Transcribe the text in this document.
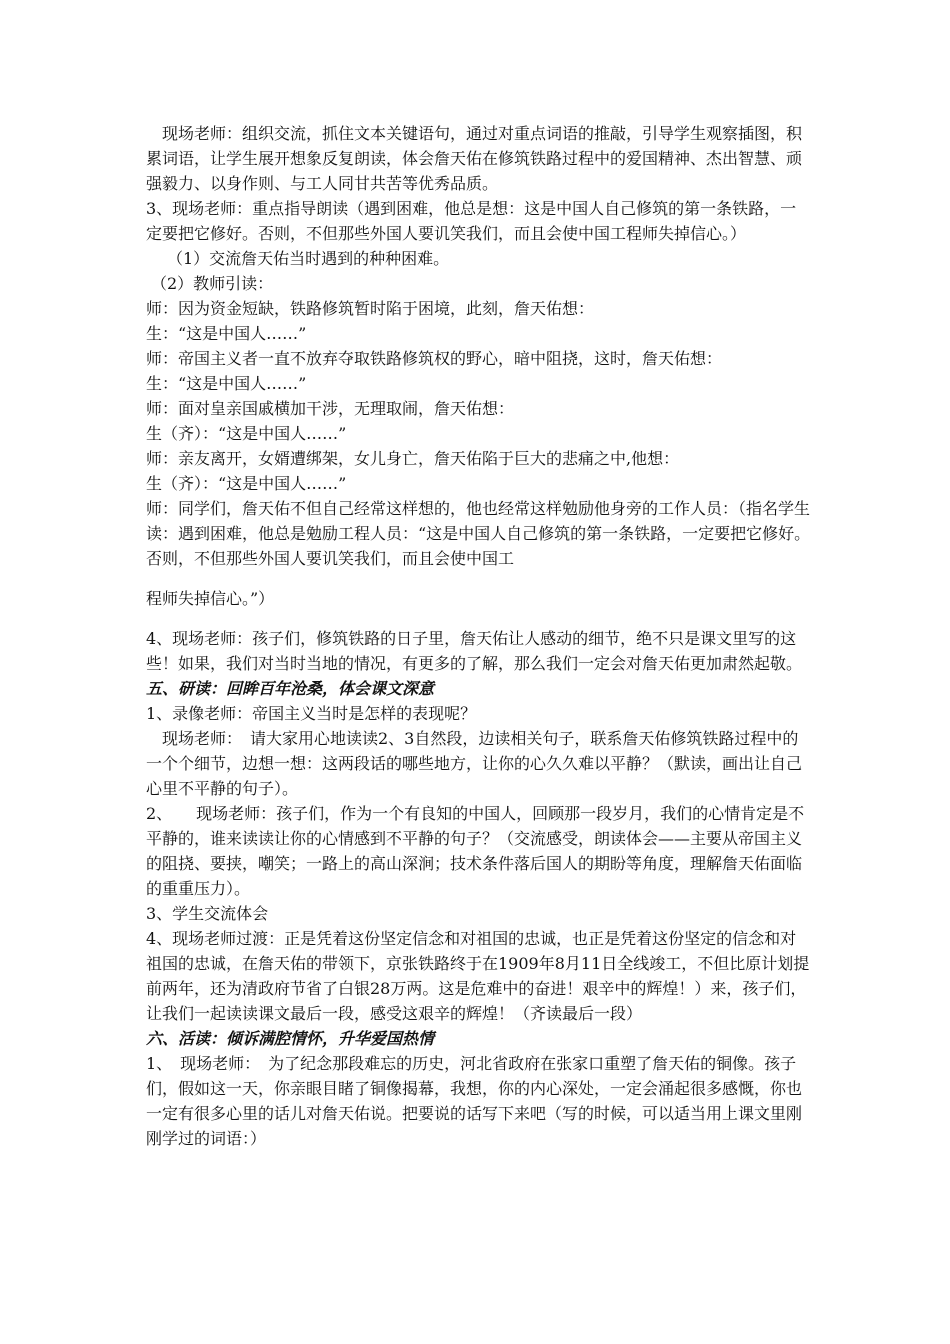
现场老师：组织交流，抓住文本关键语句，通过对重点词语的推敲，引导学生观察插图，积累词语，让学生展开想象反复朗读，体会詹天佑在修筑铁路过程中的爱国精神、杰出智慧、顽强毅力、以身作则、与工人同甘共苦等优秀品质。

3、现场老师：重点指导朗读（遇到困难，他总是想：这是中国人自己修筑的第一条铁路，一定要把它修好。否则，不但那些外国人要讥笑我们，而且会使中国工程师失掉信心。）

（1）交流詹天佑当时遇到的种种困难。

（2）教师引读：

师：因为资金短缺，铁路修筑暂时陷于困境，此刻，詹天佑想：

生：“这是中国人……”

师：帝国主义者一直不放弃夺取铁路修筑权的野心，暗中阻挠，这时，詹天佑想：

生：“这是中国人……”

师：面对皇亲国戚横加干涉，无理取闹，詹天佑想：

生（齐）：“这是中国人……”

师：亲友离开，女婿遭绑架，女儿身亡，詹天佑陷于巨大的悲痛之中,他想：

生（齐）：“这是中国人……”

师：同学们，詹天佑不但自己经常这样想的，他也经常这样勉励他身旁的工作人员：（指名学生读：遇到困难，他总是勉励工程人员：“这是中国人自己修筑的第一条铁路，一定要把它修好。否则，不但那些外国人要讥笑我们，而且会使中国工

程师失掉信心。”）

4、现场老师：孩子们，修筑铁路的日子里，詹天佑让人感动的细节，绝不只是课文里写的这些！如果，我们对当时当地的情况，有更多的了解，那么我们一定会对詹天佑更加肃然起敬。

五、研读：回眸百年沧桑，体会课文深意

1、录像老师：帝国主义当时是怎样的表现呢？

现场老师：　请大家用心地读读2、3自然段，边读相关句子，联系詹天佑修筑铁路过程中的一个个细节，边想一想：这两段话的哪些地方，让你的心久久难以平静？（默读，画出让自己心里不平静的句子）。

2、　　现场老师：孩子们，作为一个有良知的中国人，回顾那一段岁月，我们的心情肯定是不平静的，谁来读读让你的心情感到不平静的句子？（交流感受，朗读体会——主要从帝国主义的阻挠、要挟，嘲笑；一路上的高山深涧；技术条件落后国人的期盼等角度，理解詹天佑面临的重重压力）。

3、学生交流体会

4、现场老师过渡：正是凭着这份坚定信念和对祖国的忠诚，也正是凭着这份坚定的信念和对祖国的忠诚，在詹天佑的带领下，京张铁路终于在1909年8月11日全线竣工，不但比原计划提前两年，还为清政府节省了白银28万两。这是危难中的奋进！艰辛中的辉煌！）来，孩子们，让我们一起读读课文最后一段，感受这艰辛的辉煌！（齐读最后一段）

六、活读：倾诉满腔情怀，升华爱国热情

1、　现场老师：　为了纪念那段难忘的历史，河北省政府在张家口重塑了詹天佑的铜像。孩子们，假如这一天，你亲眼目睹了铜像揭幕，我想，你的内心深处，一定会涌起很多感慨，你也一定有很多心里的话儿对詹天佑说。把要说的话写下来吧（写的时候，可以适当用上课文里刚刚学过的词语：）
